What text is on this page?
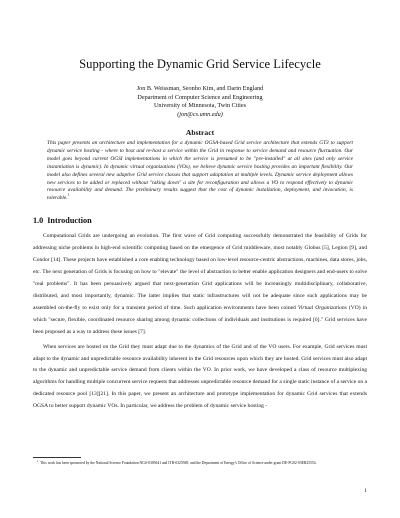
Supporting the Dynamic Grid Service Lifecycle
Jon B. Weissman, Seonho Kim, and Darin England
Department of Computer Science and Engineering
University of Minnesota, Twin Cities
(jon@cs.umn.edu)
Abstract
This paper presents an architecture and implementation for a dynamic OGSA-based Grid service architecture that extends GT3 to support dynamic service hosting - where to host and re-host a service within the Grid in response to service demand and resource fluctuation. Our model goes beyond current OGSI implementations in which the service is presumed to be "pre-installed" at all sites (and only service instantiation is dynamic). In dynamic virtual organizations (VOs), we believe dynamic service hosting provides an important flexibility. Our model also defines several new adaptive Grid service classes that support adaptation at multiple levels. Dynamic service deployment allows new services to be added or replaced without "taking down" a site for reconfiguration and allows a VO to respond effectively to dynamic resource availability and demand. The preliminary results suggest that the cost of dynamic installation, deployment, and invocation, is tolerable.$^1$
1.0 Introduction

Computational Grids are undergoing an evolution. The first wave of Grid computing successfully demonstrated the feasibility of Grids for addressing niche problems in high-end scientific computing based on the emergence of Grid middleware, most notably Globus [5], Legion [9], and Condor [14]. These projects have established a core enabling technology based on low-level resource-centric abstractions, machines, data stores, jobs, etc. The next generation of Grids is focusing on how to "elevate" the level of abstraction to better enable application designers and end-users to solve "real problems". It has been persuasively argued that next-generation Grid applications will be increasingly multidisciplinary, collaborative, distributed, and most importantly, dynamic. The latter implies that static infrastructures will not be adequate since such applications may be assembled on-the-fly to exist only for a transient period of time. Such application environments have been coined Virtual Organizations (VO) in which "secure, flexible, coordinated resource sharing among dynamic collections of individuals and institutions is required [6]." Grid services have been proposed as a way to address these issues [7].

When services are hosted on the Grid they must adapt due to the dynamics of the Grid and of the VO users. For example, Grid services must adapt to the dynamic and unpredictable resource availability inherent in the Grid resources upon which they are hosted. Grid services must also adapt to the dynamic and unpredictable service demand from clients within the VO. In prior work, we have developed a class of resource multiplexing algorithms for handling multiple concurrent service requests that addresses unpredictable resource demand for a single static instance of a service on a dedicated resource pool [13][21]. In this paper, we present an architecture and prototype implementation for dynamic Grid services that extends OGSA to better support dynamic VOs. In particular, we address the problem of dynamic service hosting -

$^1$. This work has been sponsored by the National Science Foundation NGS-0305641 and ITR-0325949, and the Department of Energy's Office of Science under grant DE-FG02-03ER25554.
1
